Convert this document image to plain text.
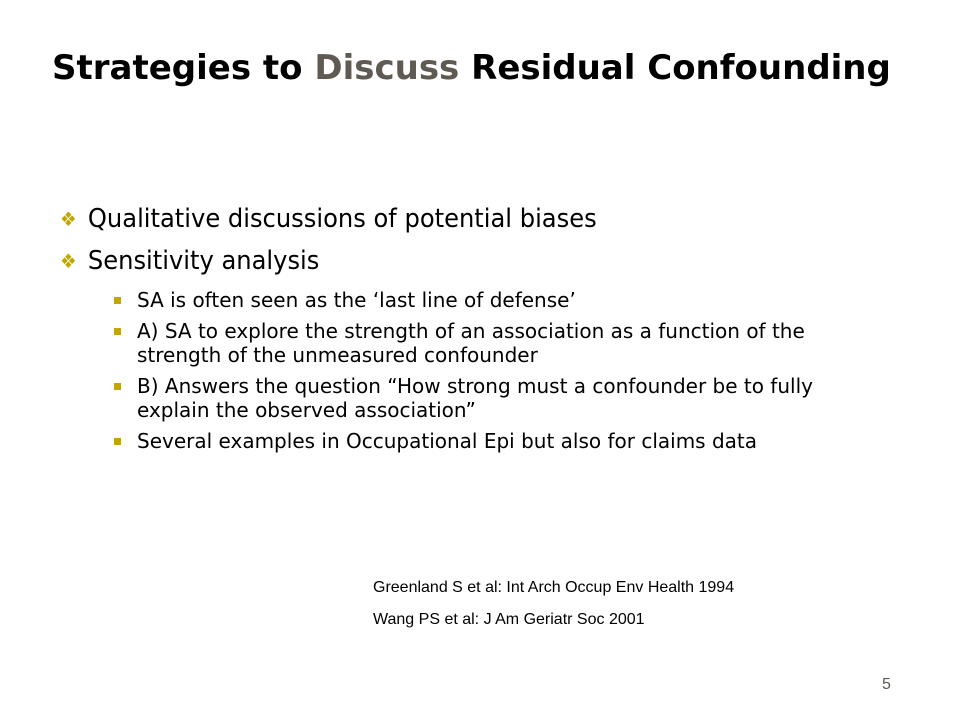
Strategies to Discuss Residual Confounding
❖ Qualitative discussions of potential biases
❖ Sensitivity analysis
SA is often seen as the ‘last line of defense’
A) SA to explore the strength of an association as a function of the strength of the unmeasured confounder
B) Answers the question “How strong must a confounder be to fully explain the observed association”
Several examples in Occupational Epi but also for claims data
Greenland S et al: Int Arch Occup Env Health 1994
Wang PS et al: J Am Geriatr Soc 2001
5
